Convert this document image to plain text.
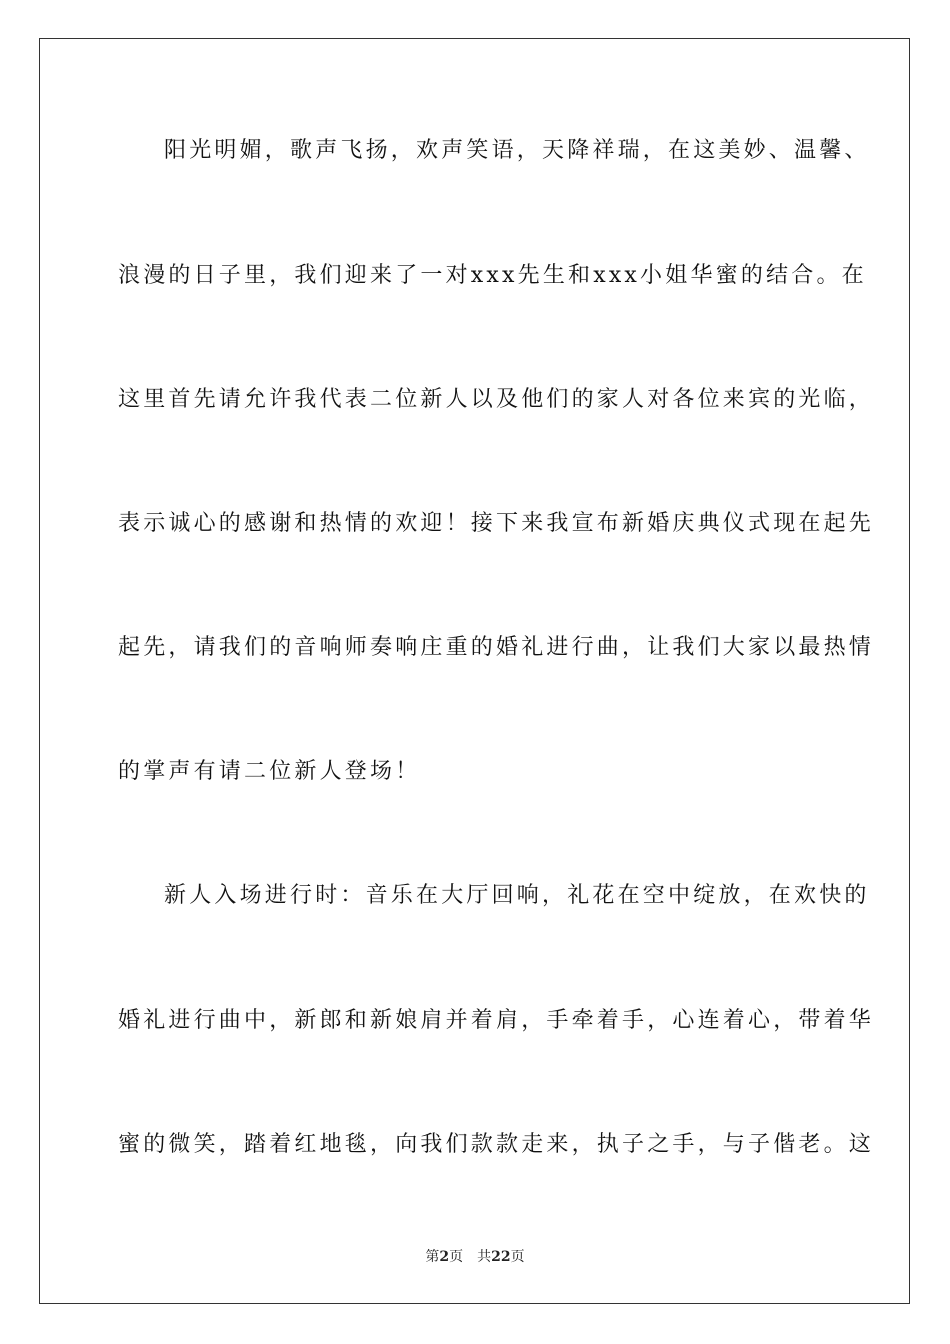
阳光明媚，歌声飞扬，欢声笑语，天降祥瑞，在这美妙、温馨、
浪漫的日子里，我们迎来了一对xxx先生和xxx小姐华蜜的结合。在
这里首先请允许我代表二位新人以及他们的家人对各位来宾的光临，
表示诚心的感谢和热情的欢迎！接下来我宣布新婚庆典仪式现在起先
起先，请我们的音响师奏响庄重的婚礼进行曲，让我们大家以最热情
的掌声有请二位新人登场！
新人入场进行时：音乐在大厅回响，礼花在空中绽放，在欢快的
婚礼进行曲中，新郎和新娘肩并着肩，手牵着手，心连着心，带着华
蜜的微笑，踏着红地毯，向我们款款走来，执子之手，与子偕老。这
第2页 共22页
